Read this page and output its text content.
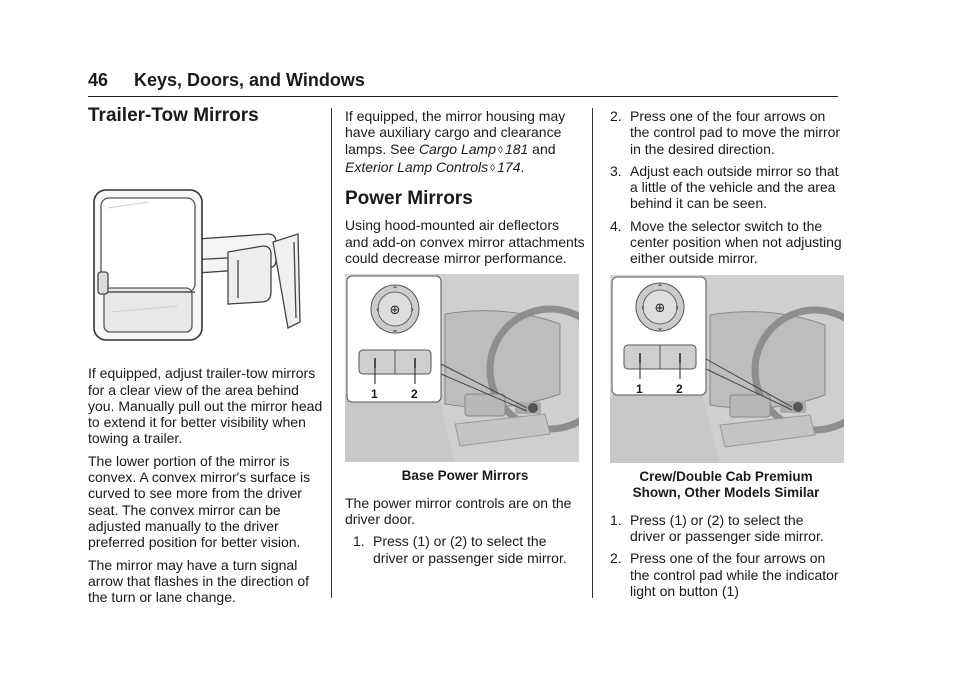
46 Keys, Doors, and Windows
Trailer-Tow Mirrors

If equipped, adjust trailer-tow mirrors for a clear view of the area behind you. Manually pull out the mirror head to extend it for better visibility when towing a trailer.

The lower portion of the mirror is convex. A convex mirror's surface is curved to see more from the driver seat. The convex mirror can be adjusted manually to the driver preferred position for better vision.

The mirror may have a turn signal arrow that flashes in the direction of the turn or lane change.

If equipped, the mirror housing may have auxiliary cargo and clearance lamps. See Cargo Lamp ◊ 181 and Exterior Lamp Controls ◊ 174.

Power Mirrors

Using hood-mounted air deflectors and add-on convex mirror attachments could decrease mirror performance.

⊕
⌃
⌄
‹	›
1	2
Base Power Mirrors

The power mirror controls are on the driver door.

1. Press (1) or (2) to select the driver or passenger side mirror.
2. Press one of the four arrows on the control pad to move the mirror in the desired direction.
3. Adjust each outside mirror so that a little of the vehicle and the area behind it can be seen.
4. Move the selector switch to the center position when not adjusting either outside mirror.
⊕
⌃
⌄
‹	›
1	2
Crew/Double Cab Premium
Shown, Other Models Similar
1. Press (1) or (2) to select the driver or passenger side mirror.
2. Press one of the four arrows on the control pad while the indicator light on button (1)
